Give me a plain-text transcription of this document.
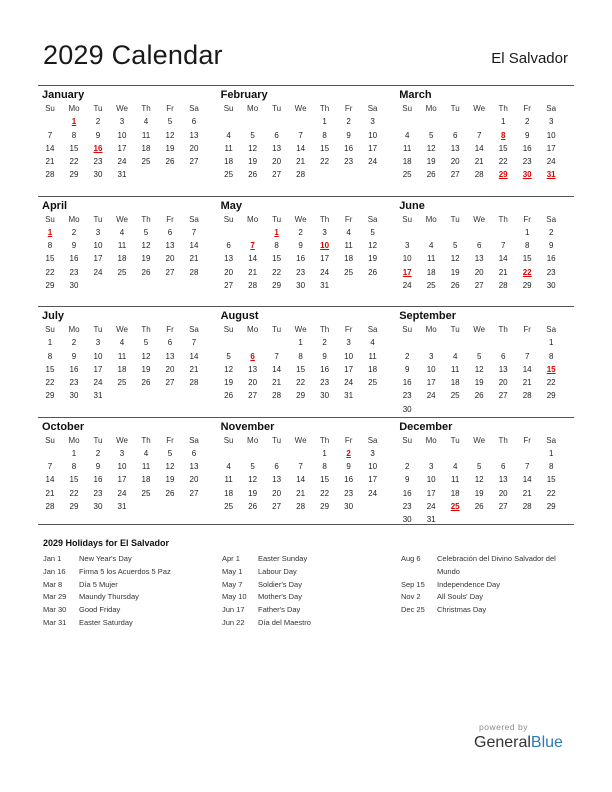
2029 Calendar	El Salvador
January
Su	Mo	Tu	We	Th	Fr	Sa
	1	2	3	4	5	6
7	8	9	10	11	12	13
14	15	16	17	18	19	20
21	22	23	24	25	26	27
28	29	30	31			

February
Su	Mo	Tu	We	Th	Fr	Sa
				1	2	3
4	5	6	7	8	9	10
11	12	13	14	15	16	17
18	19	20	21	22	23	24
25	26	27	28			

March
Su	Mo	Tu	We	Th	Fr	Sa
				1	2	3
4	5	6	7	8	9	10
11	12	13	14	15	16	17
18	19	20	21	22	23	24
25	26	27	28	29	30	31

April
Su	Mo	Tu	We	Th	Fr	Sa
1	2	3	4	5	6	7
8	9	10	11	12	13	14
15	16	17	18	19	20	21
22	23	24	25	26	27	28
29	30					

May
Su	Mo	Tu	We	Th	Fr	Sa
		1	2	3	4	5
6	7	8	9	10	11	12
13	14	15	16	17	18	19
20	21	22	23	24	25	26
27	28	29	30	31		

June
Su	Mo	Tu	We	Th	Fr	Sa
					1	2
3	4	5	6	7	8	9
10	11	12	13	14	15	16
17	18	19	20	21	22	23
24	25	26	27	28	29	30

July
Su	Mo	Tu	We	Th	Fr	Sa
1	2	3	4	5	6	7
8	9	10	11	12	13	14
15	16	17	18	19	20	21
22	23	24	25	26	27	28
29	30	31				

August
Su	Mo	Tu	We	Th	Fr	Sa
			1	2	3	4
5	6	7	8	9	10	11
12	13	14	15	16	17	18
19	20	21	22	23	24	25
26	27	28	29	30	31	

September
Su	Mo	Tu	We	Th	Fr	Sa
						1
2	3	4	5	6	7	8
9	10	11	12	13	14	15
16	17	18	19	20	21	22
23	24	25	26	27	28	29
30						
October
Su	Mo	Tu	We	Th	Fr	Sa
	1	2	3	4	5	6
7	8	9	10	11	12	13
14	15	16	17	18	19	20
21	22	23	24	25	26	27
28	29	30	31			

November
Su	Mo	Tu	We	Th	Fr	Sa
				1	2	3
4	5	6	7	8	9	10
11	12	13	14	15	16	17
18	19	20	21	22	23	24
25	26	27	28	29	30	

December
Su	Mo	Tu	We	Th	Fr	Sa
						1
2	3	4	5	6	7	8
9	10	11	12	13	14	15
16	17	18	19	20	21	22
23	24	25	26	27	28	29
30	31					
2029 Holidays for El Salvador
Jan 1	New Year's Day
Jan 16	Firma 5 los Acuerdos 5 Paz
Mar 8	Día 5 Mujer
Mar 29	Maundy Thursday
Mar 30	Good Friday
Mar 31	Easter Saturday
Apr 1	Easter Sunday
May 1	Labour Day
May 7	Soldier's Day
May 10	Mother's Day
Jun 17	Father's Day
Jun 22	Día del Maestro
Aug 6	Celebración del Divino Salvador del
Mundo
Sep 15	Independence Day
Nov 2	All Souls' Day
Dec 25	Christmas Day
powered by
GeneralBlue
